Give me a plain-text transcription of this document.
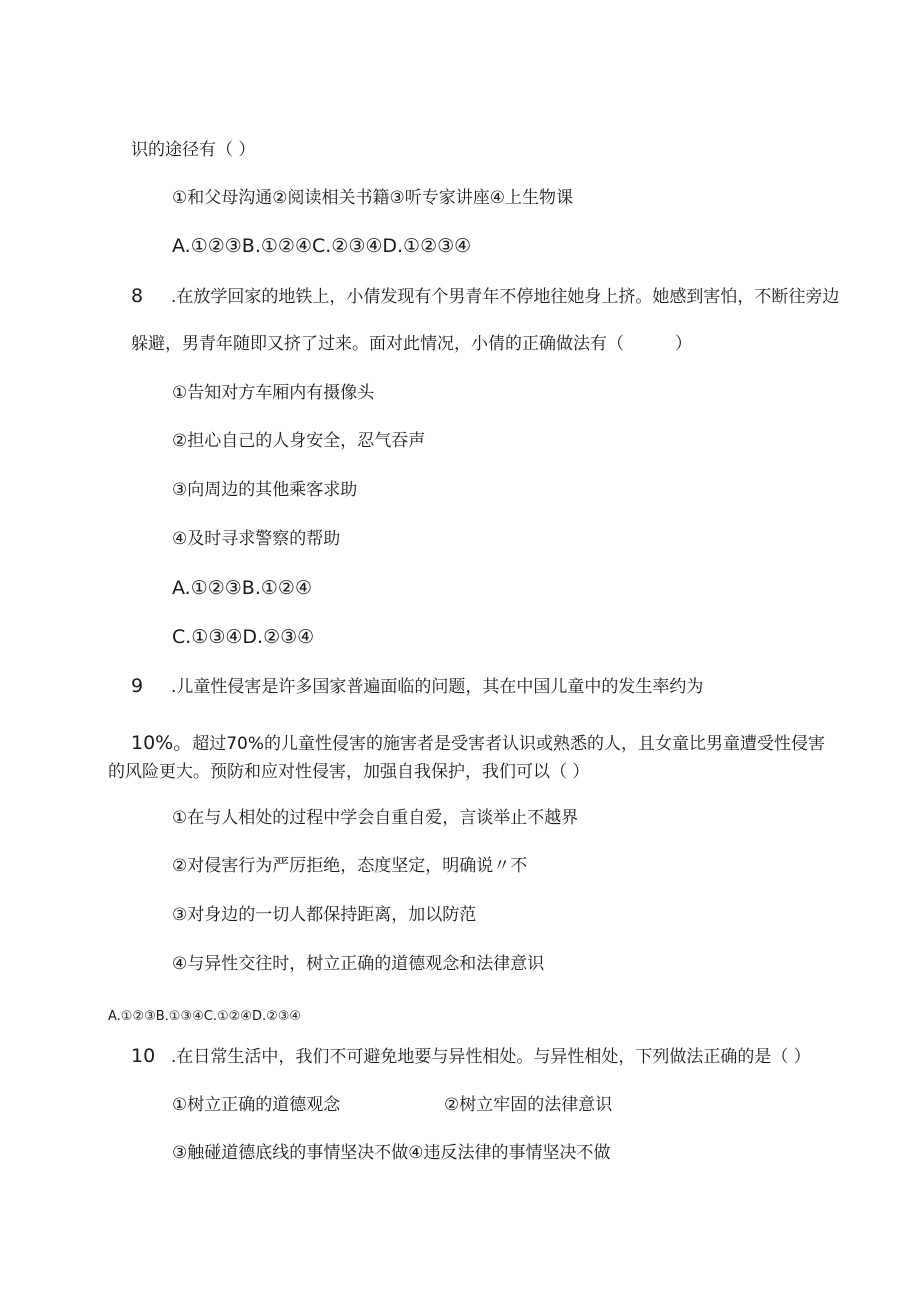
识的途径有（ ）
①和父母沟通②阅读相关书籍③听专家讲座④上生物课
A.①②③B.①②④C.②③④D.①②③④
8 .在放学回家的地铁上，小倩发现有个男青年不停地往她身上挤。她感到害怕，不断往旁边
躲避，男青年随即又挤了过来。面对此情况，小倩的正确做法有（　　　）
①告知对方车厢内有摄像头
②担心自己的人身安全，忍气吞声
③向周边的其他乘客求助
④及时寻求警察的帮助
A.①②③B.①②④
C.①③④D.②③④
9 .儿童性侵害是许多国家普遍面临的问题，其在中国儿童中的发生率约为
10%。超过70%的儿童性侵害的施害者是受害者认识或熟悉的人，且女童比男童遭受性侵害
的风险更大。预防和应对性侵害，加强自我保护，我们可以（ ）
①在与人相处的过程中学会自重自爱，言谈举止不越界
②对侵害行为严厉拒绝，态度坚定，明确说〃不
③对身边的一切人都保持距离，加以防范
④与异性交往时，树立正确的道德观念和法律意识
A.①②③B.①③④C.①②④D.②③④
10 .在日常生活中，我们不可避免地要与异性相处。与异性相处，下列做法正确的是（ ）
①树立正确的道德观念	②树立牢固的法律意识
③触碰道德底线的事情坚决不做④违反法律的事情坚决不做
